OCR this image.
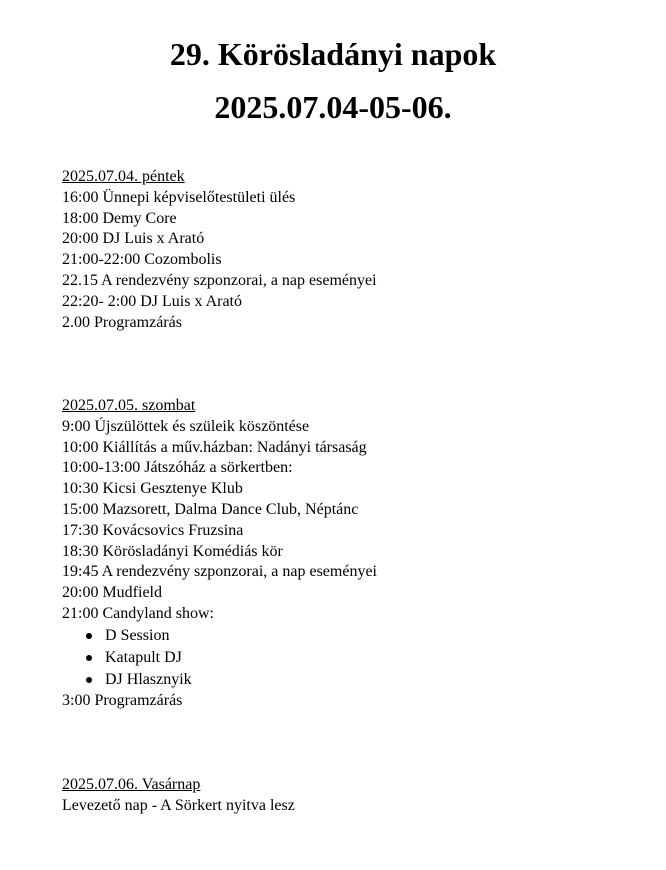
29. Körösladányi napok
2025.07.04-05-06.
2025.07.04. péntek
16:00 Ünnepi képviselőtestületi ülés
18:00 Demy Core
20:00 DJ Luis x Arató
21:00-22:00 Cozombolis
22.15 A rendezvény szponzorai, a nap eseményei
22:20- 2:00 DJ Luis x Arató
2.00 Programzárás
2025.07.05. szombat
9:00 Újszülöttek és szüleik köszöntése
10:00 Kiállítás a műv.házban: Nadányi társaság
10:00-13:00 Játszóház a sörkertben:
10:30 Kicsi Gesztenye Klub
15:00 Mazsorett, Dalma Dance Club, Néptánc
17:30 Kovácsovics Fruzsina
18:30 Körösladányi Komédiás kör
19:45 A rendezvény szponzorai, a nap eseményei
20:00 Mudfield
21:00 Candyland show:
D Session
Katapult DJ
DJ Hlasznyik
3:00 Programzárás
2025.07.06. Vasárnap
Levezető nap - A Sörkert nyitva lesz
